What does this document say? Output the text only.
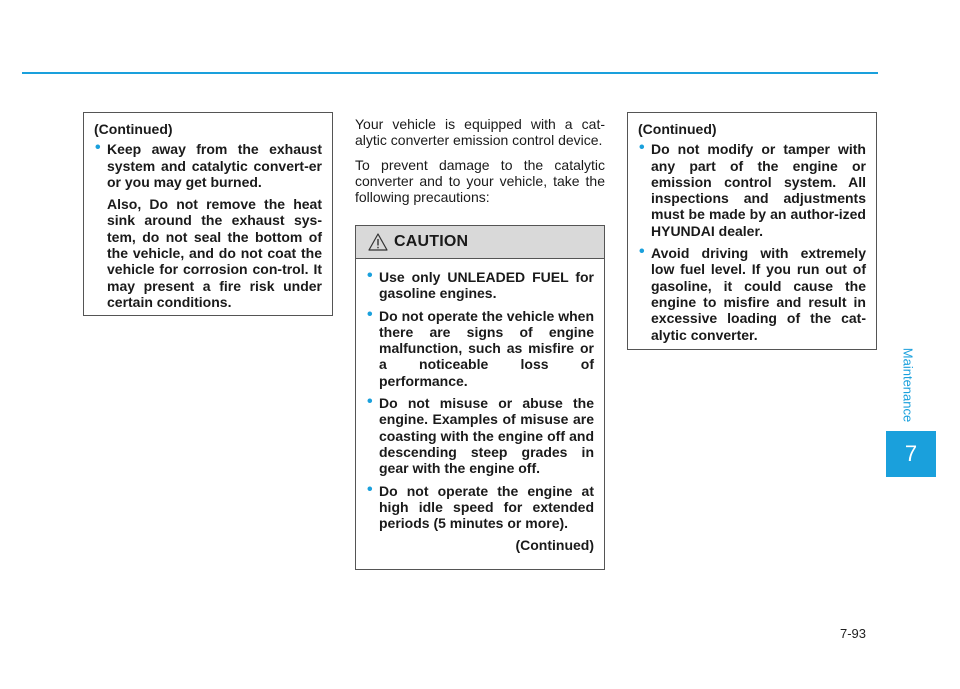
(Continued)

• Keep away from the exhaust system and catalytic convert-er or you may get burned.

Also, Do not remove the heat sink around the exhaust sys-tem, do not seal the bottom of the vehicle, and do not coat the vehicle for corrosion con-trol. It may present a fire risk under certain conditions.

Your vehicle is equipped with a cat-alytic converter emission control device.

To prevent damage to the catalytic converter and to your vehicle, take the following precautions:

CAUTION
• Use only UNLEADED FUEL for gasoline engines.
• Do not operate the vehicle when there are signs of engine malfunction, such as misfire or a noticeable loss of performance.
• Do not misuse or abuse the engine. Examples of misuse are coasting with the engine off and descending steep grades in gear with the engine off.
• Do not operate the engine at high idle speed for extended periods (5 minutes or more).

(Continued)

(Continued)

• Do not modify or tamper with any part of the engine or emission control system. All inspections and adjustments must be made by an author-ized HYUNDAI dealer.
• Avoid driving with extremely low fuel level. If you run out of gasoline, it could cause the engine to misfire and result in excessive loading of the cat-alytic converter.
7-93
Maintenance
7
